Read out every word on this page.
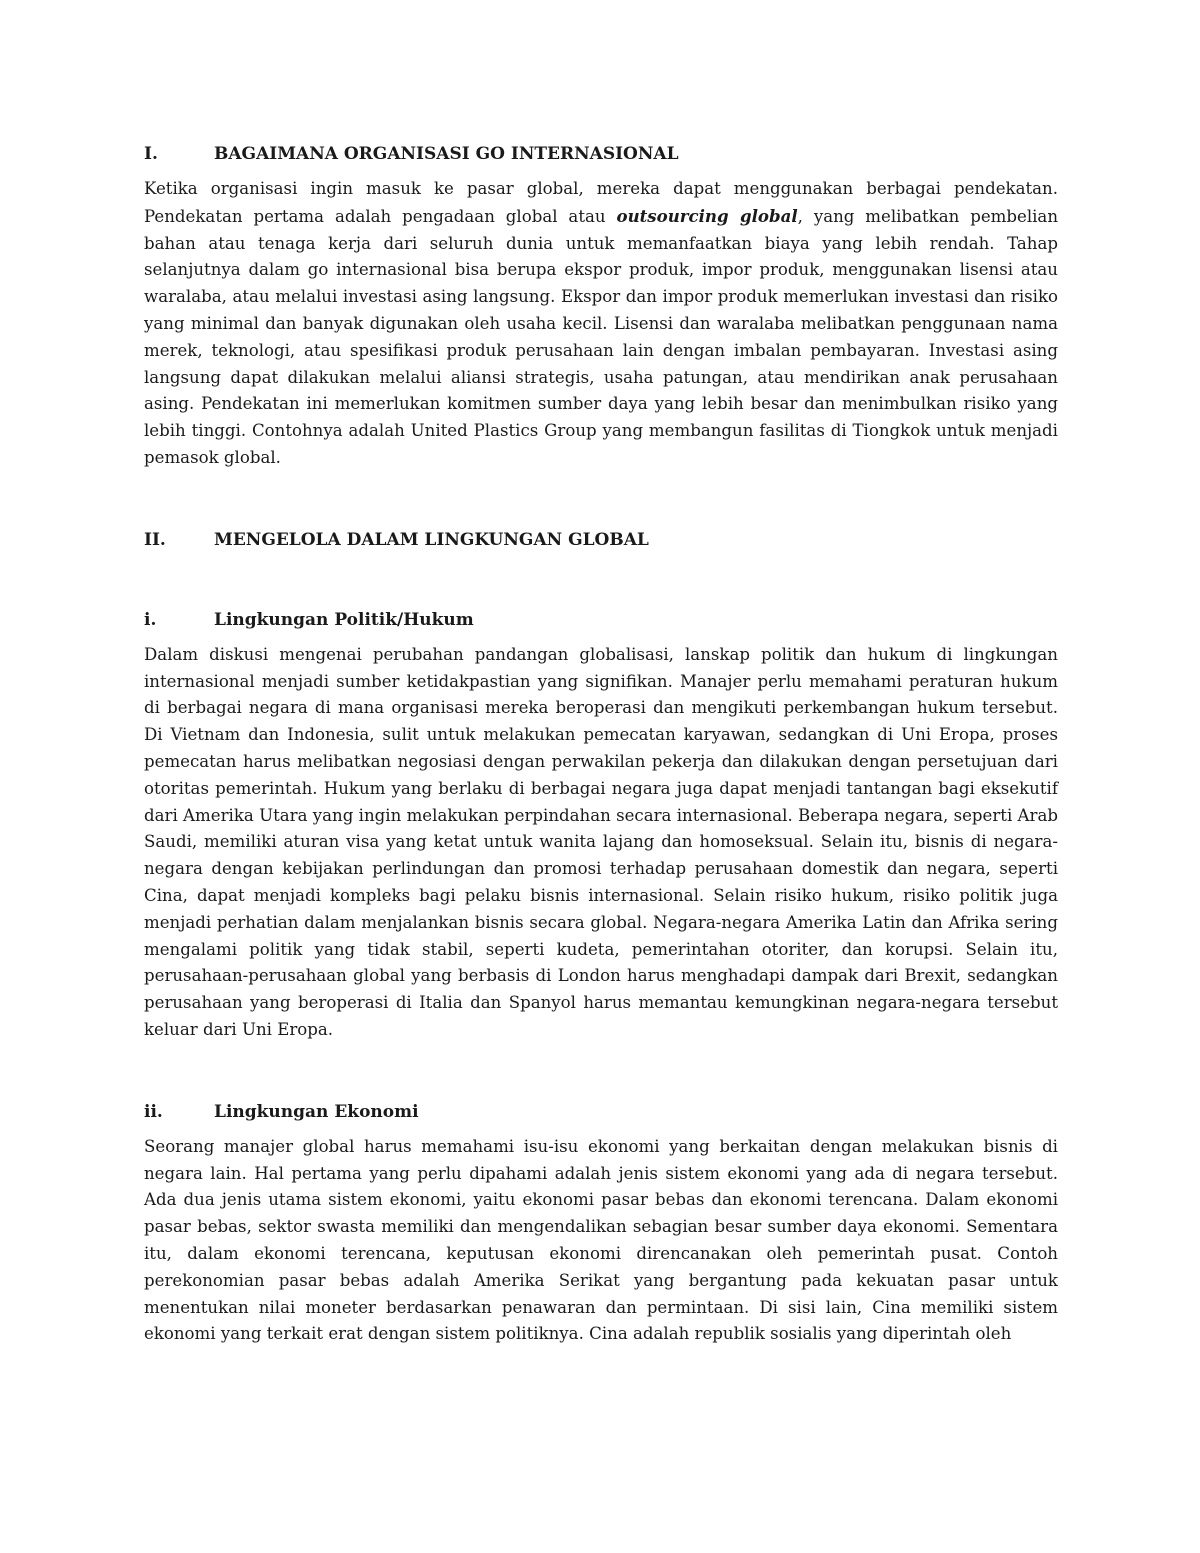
I.	BAGAIMANA ORGANISASI GO INTERNASIONAL

Ketika organisasi ingin masuk ke pasar global, mereka dapat menggunakan berbagai pendekatan. Pendekatan pertama adalah pengadaan global atau outsourcing global, yang melibatkan pembelian bahan atau tenaga kerja dari seluruh dunia untuk memanfaatkan biaya yang lebih rendah. Tahap selanjutnya dalam go internasional bisa berupa ekspor produk, impor produk, menggunakan lisensi atau waralaba, atau melalui investasi asing langsung. Ekspor dan impor produk memerlukan investasi dan risiko yang minimal dan banyak digunakan oleh usaha kecil. Lisensi dan waralaba melibatkan penggunaan nama merek, teknologi, atau spesifikasi produk perusahaan lain dengan imbalan pembayaran. Investasi asing langsung dapat dilakukan melalui aliansi strategis, usaha patungan, atau mendirikan anak perusahaan asing. Pendekatan ini memerlukan komitmen sumber daya yang lebih besar dan menimbulkan risiko yang lebih tinggi. Contohnya adalah United Plastics Group yang membangun fasilitas di Tiongkok untuk menjadi pemasok global.

II.	MENGELOLA DALAM LINGKUNGAN GLOBAL
i.	Lingkungan Politik/Hukum

Dalam diskusi mengenai perubahan pandangan globalisasi, lanskap politik dan hukum di lingkungan internasional menjadi sumber ketidakpastian yang signifikan. Manajer perlu memahami peraturan hukum di berbagai negara di mana organisasi mereka beroperasi dan mengikuti perkembangan hukum tersebut. Di Vietnam dan Indonesia, sulit untuk melakukan pemecatan karyawan, sedangkan di Uni Eropa, proses pemecatan harus melibatkan negosiasi dengan perwakilan pekerja dan dilakukan dengan persetujuan dari otoritas pemerintah. Hukum yang berlaku di berbagai negara juga dapat menjadi tantangan bagi eksekutif dari Amerika Utara yang ingin melakukan perpindahan secara internasional. Beberapa negara, seperti Arab Saudi, memiliki aturan visa yang ketat untuk wanita lajang dan homoseksual. Selain itu, bisnis di negara-negara dengan kebijakan perlindungan dan promosi terhadap perusahaan domestik dan negara, seperti Cina, dapat menjadi kompleks bagi pelaku bisnis internasional. Selain risiko hukum, risiko politik juga menjadi perhatian dalam menjalankan bisnis secara global. Negara-negara Amerika Latin dan Afrika sering mengalami politik yang tidak stabil, seperti kudeta, pemerintahan otoriter, dan korupsi. Selain itu, perusahaan-perusahaan global yang berbasis di London harus menghadapi dampak dari Brexit, sedangkan perusahaan yang beroperasi di Italia dan Spanyol harus memantau kemungkinan negara-negara tersebut keluar dari Uni Eropa.

ii.	Lingkungan Ekonomi

Seorang manajer global harus memahami isu-isu ekonomi yang berkaitan dengan melakukan bisnis di negara lain. Hal pertama yang perlu dipahami adalah jenis sistem ekonomi yang ada di negara tersebut. Ada dua jenis utama sistem ekonomi, yaitu ekonomi pasar bebas dan ekonomi terencana. Dalam ekonomi pasar bebas, sektor swasta memiliki dan mengendalikan sebagian besar sumber daya ekonomi. Sementara itu, dalam ekonomi terencana, keputusan ekonomi direncanakan oleh pemerintah pusat. Contoh perekonomian pasar bebas adalah Amerika Serikat yang bergantung pada kekuatan pasar untuk menentukan nilai moneter berdasarkan penawaran dan permintaan. Di sisi lain, Cina memiliki sistem ekonomi yang terkait erat dengan sistem politiknya. Cina adalah republik sosialis yang diperintah oleh
